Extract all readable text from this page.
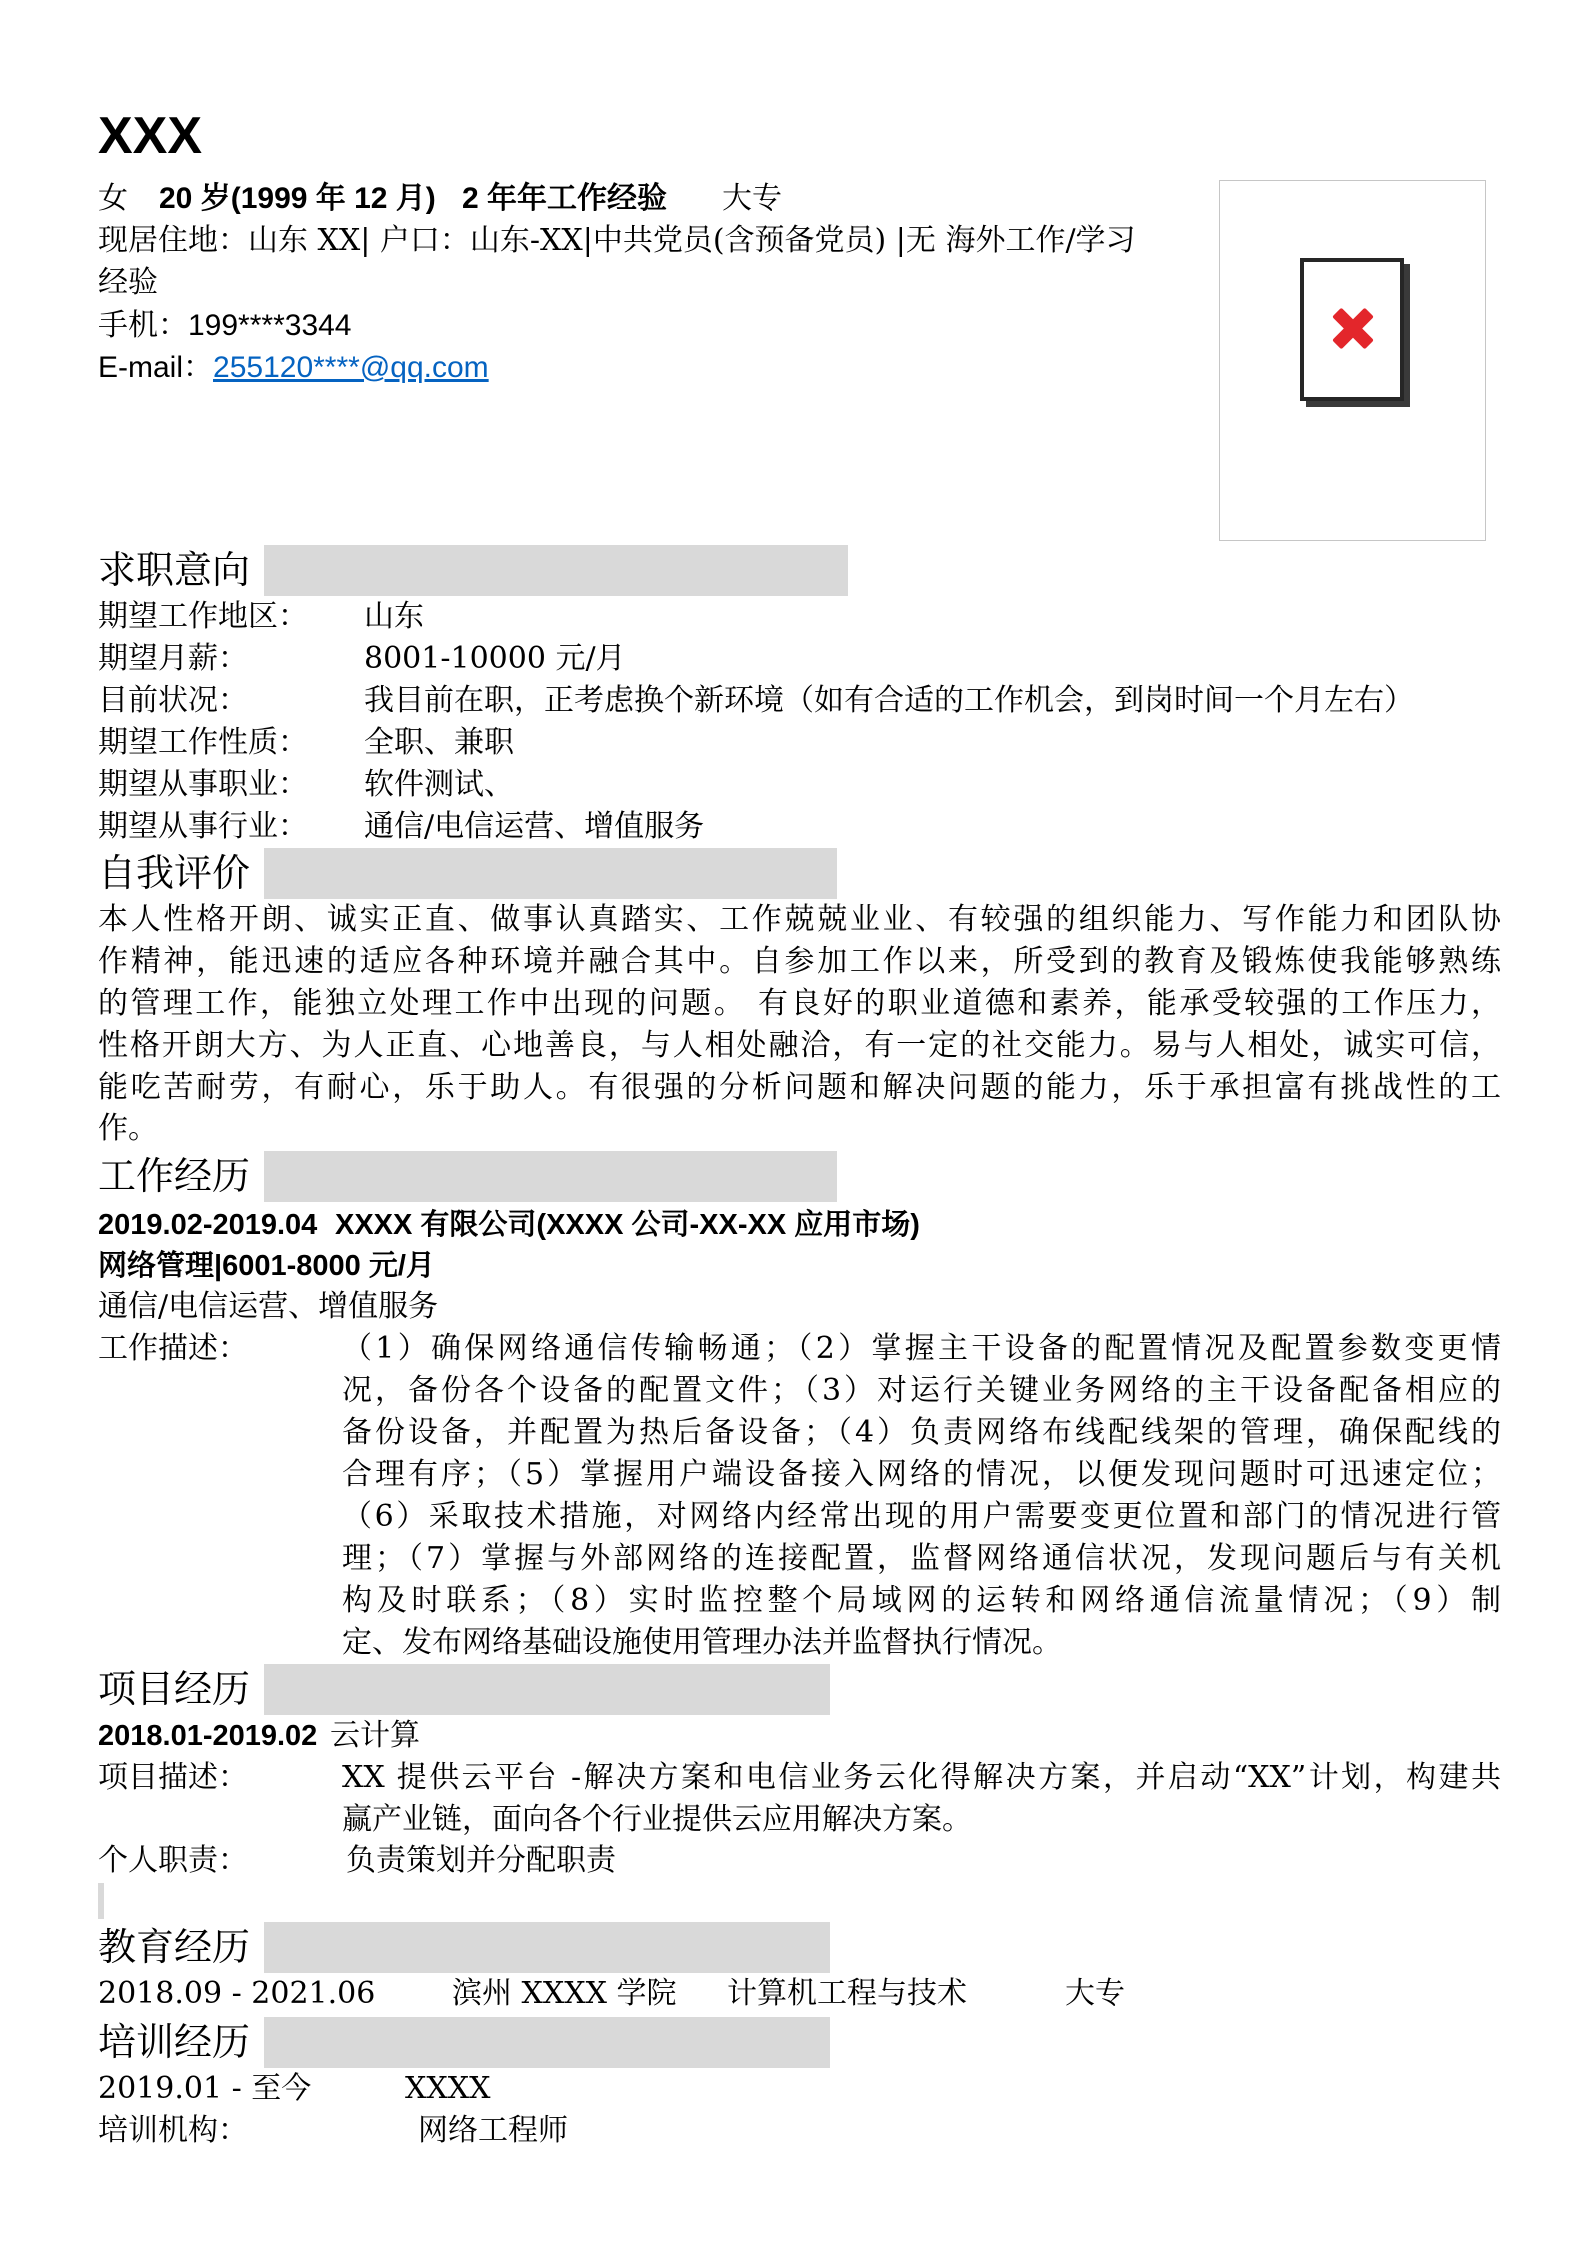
XXX
女 20 岁(1999 年 12 月) 2 年年工作经验 大专
现居住地：山东 XX| 户口：山东-XX|中共党员(含预备党员) |无 海外工作/学习
经验
手机：199****3344
E-mail：255120****@qq.com
求职意向
期望工作地区： 山东
期望月薪：	8001-10000 元/月
目前状况：	我目前在职，正考虑换个新环境（如有合适的工作机会，到岗时间一个月左右）
期望工作性质： 全职、兼职
期望从事职业： 软件测试、
期望从事行业： 通信/电信运营、增值服务
自我评价
本人性格开朗、诚实正直、做事认真踏实、工作兢兢业业、有较强的组织能力、写作能力和团队协
作精神，能迅速的适应各种环境并融合其中。自参加工作以来，所受到的教育及锻炼使我能够熟练
的管理工作，能独立处理工作中出现的问题。 有良好的职业道德和素养，能承受较强的工作压力，
性格开朗大方、为人正直、心地善良，与人相处融洽，有一定的社交能力。易与人相处，诚实可信，
能吃苦耐劳，有耐心，乐于助人。有很强的分析问题和解决问题的能力，乐于承担富有挑战性的工
作。
工作经历
2019.02-2019.04 XXXX 有限公司(XXXX 公司-XX-XX 应用市场)
网络管理|6001-8000 元/月
通信/电信运营、增值服务
工作描述：	（1）确保网络通信传输畅通；（2）掌握主干设备的配置情况及配置参数变更情
况，备份各个设备的配置文件；（3）对运行关键业务网络的主干设备配备相应的
备份设备，并配置为热后备设备；（4）负责网络布线配线架的管理，确保配线的
合理有序；（5）掌握用户端设备接入网络的情况，以便发现问题时可迅速定位；
（6）采取技术措施，对网络内经常出现的用户需要变更位置和部门的情况进行管
理；（7）掌握与外部网络的连接配置，监督网络通信状况，发现问题后与有关机
构及时联系；（8）实时监控整个局域网的运转和网络通信流量情况；（9）制
定、发布网络基础设施使用管理办法并监督执行情况。
项目经历
2018.01-2019.02 云计算
项目描述：	XX 提供云平台 -解决方案和电信业务云化得解决方案，并启动“XX”计划，构建共
赢产业链，面向各个行业提供云应用解决方案。
个人职责：	负责策划并分配职责
教育经历
2018.09 - 2021.06	滨州 XXXX 学院 计算机工程与技术	大专
培训经历
2019.01 - 至今	XXXX
培训机构：	网络工程师
